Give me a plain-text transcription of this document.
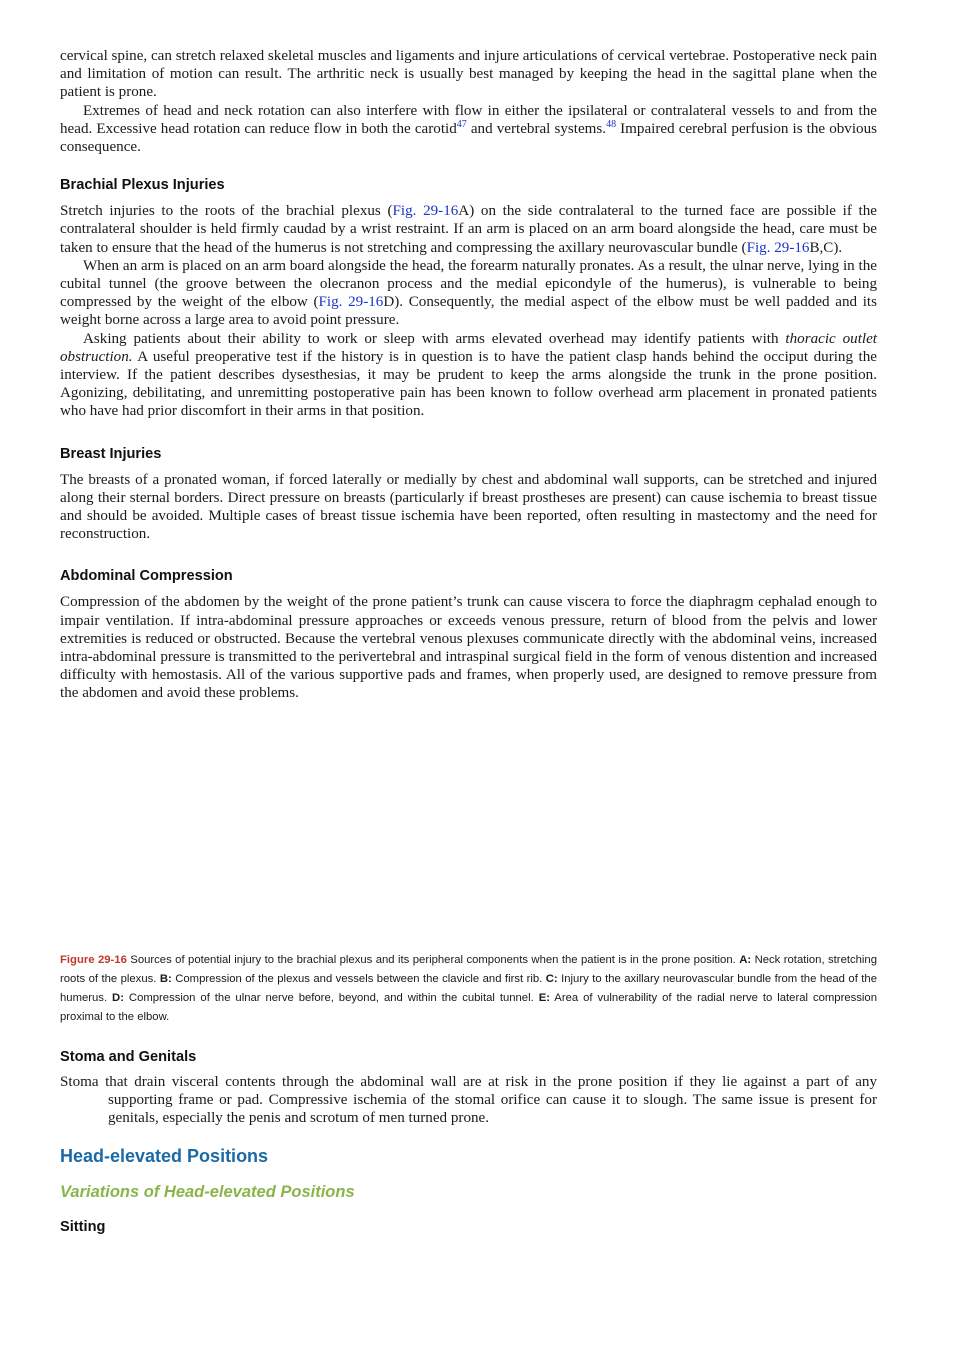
cervical spine, can stretch relaxed skeletal muscles and ligaments and injure articulations of cervical vertebrae. Postoperative neck pain and limitation of motion can result. The arthritic neck is usually best managed by keeping the head in the sagittal plane when the patient is prone.

Extremes of head and neck rotation can also interfere with flow in either the ipsilateral or contralateral vessels to and from the head. Excessive head rotation can reduce flow in both the carotid$^{47}$ and vertebral systems.$^{48}$ Impaired cerebral perfusion is the obvious consequence.

Brachial Plexus Injuries

Stretch injuries to the roots of the brachial plexus (Fig. 29-16A) on the side contralateral to the turned face are possible if the contralateral shoulder is held firmly caudad by a wrist restraint. If an arm is placed on an arm board alongside the head, care must be taken to ensure that the head of the humerus is not stretching and compressing the axillary neurovascular bundle (Fig. 29-16B,C).

When an arm is placed on an arm board alongside the head, the forearm naturally pronates. As a result, the ulnar nerve, lying in the cubital tunnel (the groove between the olecranon process and the medial epicondyle of the humerus), is vulnerable to being compressed by the weight of the elbow (Fig. 29-16D). Consequently, the medial aspect of the elbow must be well padded and its weight borne across a large area to avoid point pressure.

Asking patients about their ability to work or sleep with arms elevated overhead may identify patients with thoracic outlet obstruction. A useful preoperative test if the history is in question is to have the patient clasp hands behind the occiput during the interview. If the patient describes dysesthesias, it may be prudent to keep the arms alongside the trunk in the prone position. Agonizing, debilitating, and unremitting postoperative pain has been known to follow overhead arm placement in pronated patients who have had prior discomfort in their arms in that position.

Breast Injuries

The breasts of a pronated woman, if forced laterally or medially by chest and abdominal wall supports, can be stretched and injured along their sternal borders. Direct pressure on breasts (particularly if breast prostheses are present) can cause ischemia to breast tissue and should be avoided. Multiple cases of breast tissue ischemia have been reported, often resulting in mastectomy and the need for reconstruction.

Abdominal Compression

Compression of the abdomen by the weight of the prone patient’s trunk can cause viscera to force the diaphragm cephalad enough to impair ventilation. If intra-abdominal pressure approaches or exceeds venous pressure, return of blood from the pelvis and lower extremities is reduced or obstructed. Because the vertebral venous plexuses communicate directly with the abdominal veins, increased intra-abdominal pressure is transmitted to the perivertebral and intraspinal surgical field in the form of venous distention and increased difficulty with hemostasis. All of the various supportive pads and frames, when properly used, are designed to remove pressure from the abdomen and avoid these problems.

Figure 29-16 Sources of potential injury to the brachial plexus and its peripheral components when the patient is in the prone position. A: Neck rotation, stretching roots of the plexus. B: Compression of the plexus and vessels between the clavicle and first rib. C: Injury to the axillary neurovascular bundle from the head of the humerus. D: Compression of the ulnar nerve before, beyond, and within the cubital tunnel. E: Area of vulnerability of the radial nerve to lateral compression proximal to the elbow.

Stoma and Genitals

Stoma that drain visceral contents through the abdominal wall are at risk in the prone position if they lie against a part of any supporting frame or pad. Compressive ischemia of the stomal orifice can cause it to slough. The same issue is present for genitals, especially the penis and scrotum of men turned prone.

Head-elevated Positions
Variations of Head-elevated Positions
Sitting
